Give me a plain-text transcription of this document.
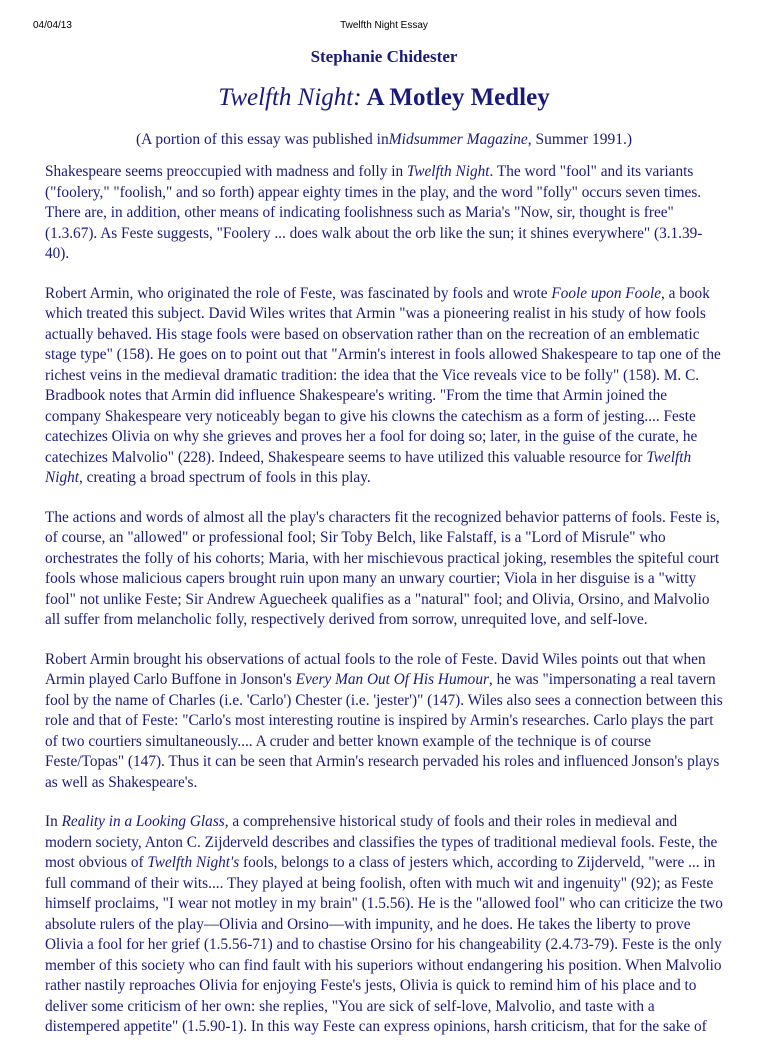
04/04/13	Twelfth Night Essay
Stephanie Chidester
Twelfth Night: A Motley Medley
(A portion of this essay was published inMidsummer Magazine, Summer 1991.)

Shakespeare seems preoccupied with madness and folly in Twelfth Night. The word "fool" and its variants ("foolery," "foolish," and so forth) appear eighty times in the play, and the word "folly" occurs seven times. There are, in addition, other means of indicating foolishness such as Maria's "Now, sir, thought is free" (1.3.67). As Feste suggests, "Foolery ... does walk about the orb like the sun; it shines everywhere" (3.1.39-40).

Robert Armin, who originated the role of Feste, was fascinated by fools and wrote Foole upon Foole, a book which treated this subject. David Wiles writes that Armin "was a pioneering realist in his study of how fools actually behaved. His stage fools were based on observation rather than on the recreation of an emblematic stage type" (158). He goes on to point out that "Armin's interest in fools allowed Shakespeare to tap one of the richest veins in the medieval dramatic tradition: the idea that the Vice reveals vice to be folly" (158). M. C. Bradbook notes that Armin did influence Shakespeare's writing. "From the time that Armin joined the company Shakespeare very noticeably began to give his clowns the catechism as a form of jesting.... Feste catechizes Olivia on why she grieves and proves her a fool for doing so; later, in the guise of the curate, he catechizes Malvolio" (228). Indeed, Shakespeare seems to have utilized this valuable resource for Twelfth Night, creating a broad spectrum of fools in this play.

The actions and words of almost all the play's characters fit the recognized behavior patterns of fools. Feste is, of course, an "allowed" or professional fool; Sir Toby Belch, like Falstaff, is a "Lord of Misrule" who orchestrates the folly of his cohorts; Maria, with her mischievous practical joking, resembles the spiteful court fools whose malicious capers brought ruin upon many an unwary courtier; Viola in her disguise is a "witty fool" not unlike Feste; Sir Andrew Aguecheek qualifies as a "natural" fool; and Olivia, Orsino, and Malvolio all suffer from melancholic folly, respectively derived from sorrow, unrequited love, and self-love.

Robert Armin brought his observations of actual fools to the role of Feste. David Wiles points out that when Armin played Carlo Buffone in Jonson's Every Man Out Of His Humour, he was "impersonating a real tavern fool by the name of Charles (i.e. 'Carlo') Chester (i.e. 'jester')" (147). Wiles also sees a connection between this role and that of Feste: "Carlo's most interesting routine is inspired by Armin's researches. Carlo plays the part of two courtiers simultaneously.... A cruder and better known example of the technique is of course Feste/Topas" (147). Thus it can be seen that Armin's research pervaded his roles and influenced Jonson's plays as well as Shakespeare's.

In Reality in a Looking Glass, a comprehensive historical study of fools and their roles in medieval and modern society, Anton C. Zijderveld describes and classifies the types of traditional medieval fools. Feste, the most obvious of Twelfth Night's fools, belongs to a class of jesters which, according to Zijderveld, "were ... in full command of their wits.... They played at being foolish, often with much wit and ingenuity" (92); as Feste himself proclaims, "I wear not motley in my brain" (1.5.56). He is the "allowed fool" who can criticize the two absolute rulers of the play—Olivia and Orsino—with impunity, and he does. He takes the liberty to prove Olivia a fool for her grief (1.5.56-71) and to chastise Orsino for his changeability (2.4.73-79). Feste is the only member of this society who can find fault with his superiors without endangering his position. When Malvolio rather nastily reproaches Olivia for enjoying Feste's jests, Olivia is quick to remind him of his place and to deliver some criticism of her own: she replies, "You are sick of self-love, Malvolio, and taste with a distempered appetite" (1.5.90-1). In this way Feste can express opinions, harsh criticism, that for the sake of
